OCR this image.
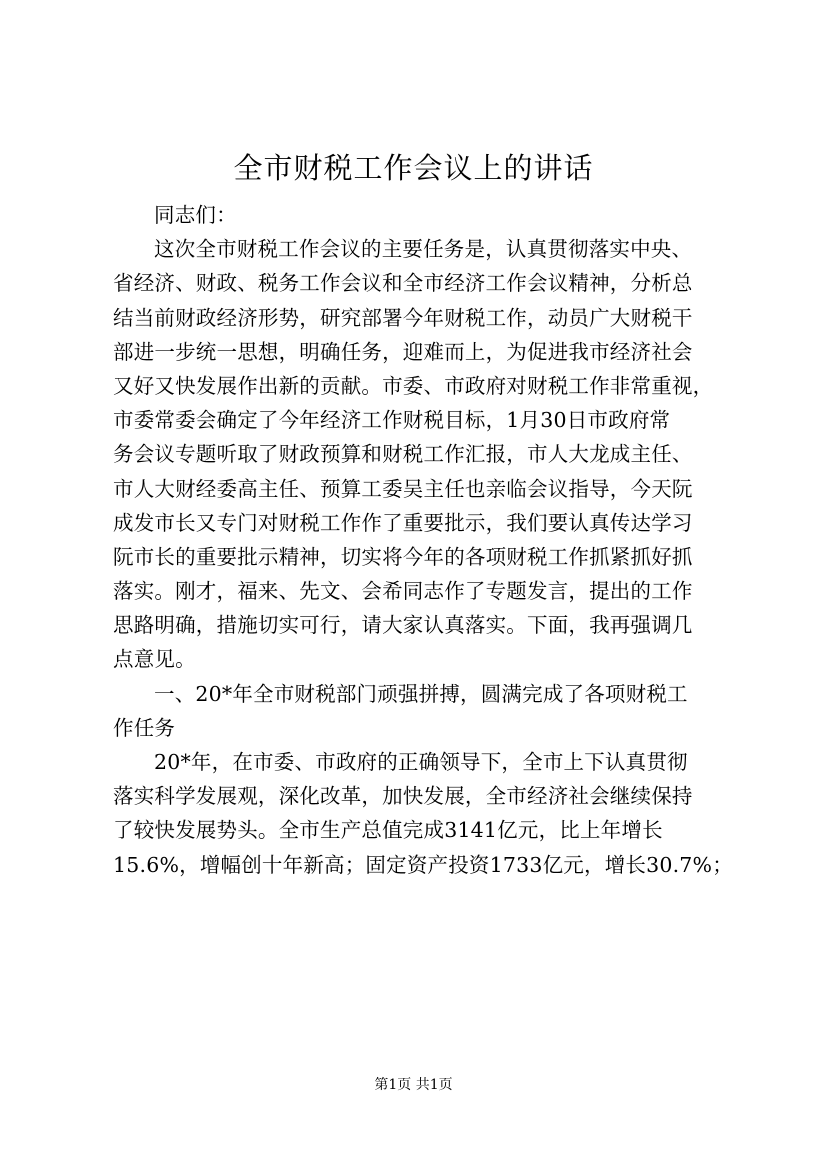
全市财税工作会议上的讲话
同志们：
这次全市财税工作会议的主要任务是，认真贯彻落实中央、
省经济、财政、税务工作会议和全市经济工作会议精神，分析总
结当前财政经济形势，研究部署今年财税工作，动员广大财税干
部进一步统一思想，明确任务，迎难而上，为促进我市经济社会
又好又快发展作出新的贡献。市委、市政府对财税工作非常重视，
市委常委会确定了今年经济工作财税目标，1月30日市政府常
务会议专题听取了财政预算和财税工作汇报，市人大龙成主任、
市人大财经委高主任、预算工委吴主任也亲临会议指导，今天阮
成发市长又专门对财税工作作了重要批示，我们要认真传达学习
阮市长的重要批示精神，切实将今年的各项财税工作抓紧抓好抓
落实。刚才，福来、先文、会希同志作了专题发言，提出的工作
思路明确，措施切实可行，请大家认真落实。下面，我再强调几
点意见。
一、20*年全市财税部门顽强拼搏，圆满完成了各项财税工
作任务
20*年，在市委、市政府的正确领导下，全市上下认真贯彻
落实科学发展观，深化改革，加快发展，全市经济社会继续保持
了较快发展势头。全市生产总值完成3141亿元，比上年增长
15.6%，增幅创十年新高；固定资产投资1733亿元，增长30.7%；
第1页 共1页
